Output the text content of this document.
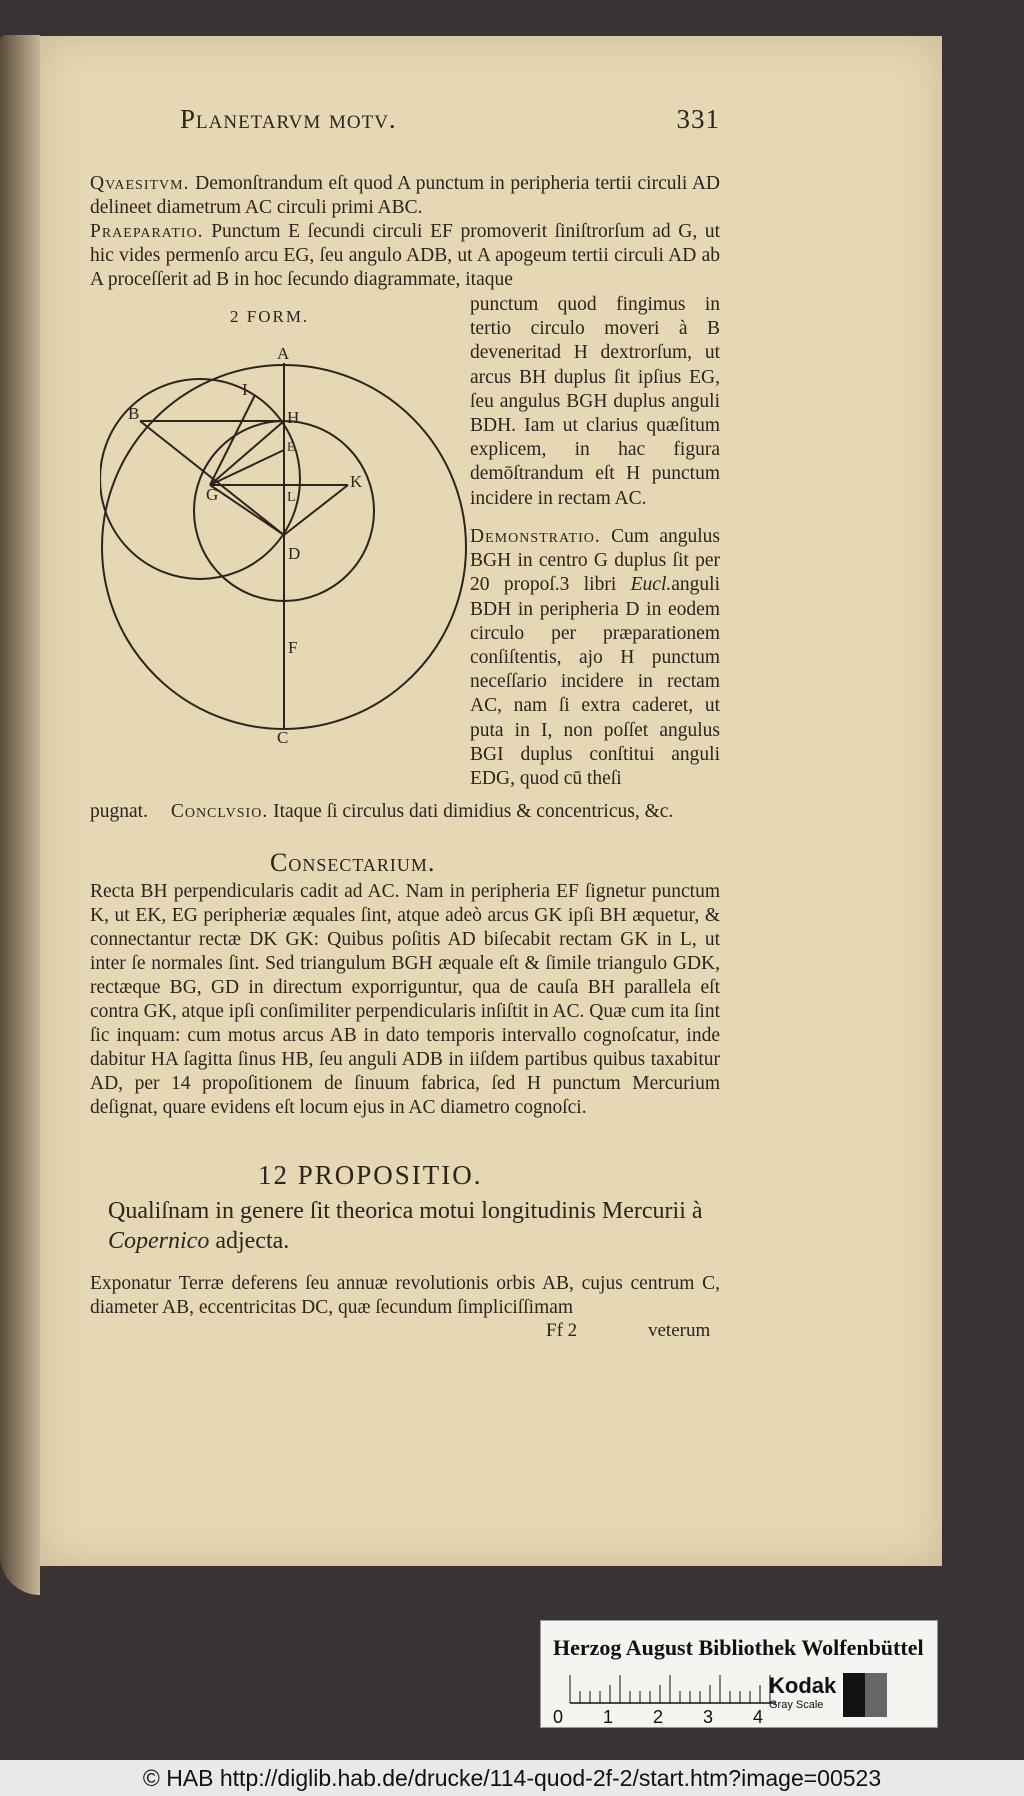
Planetarvm motv.	331
Qvaesitvm. Demonſtrandum eſt quod A punctum in peripheria tertii circuli AD delineet diametrum AC circuli primi ABC.
Praeparatio. Punctum E ſecundi circuli EF promoverit ſiniſtrorſum ad G, ut hic vides permenſo arcu EG, ſeu angulo ADB, ut A apogeum tertii circuli AD ab A proceſſerit ad B in hoc ſecundo diagrammate, itaque
2 FORM.
punctum quod fingimus in tertio circulo moveri à B deveneritad H dextrorſum, ut arcus BH duplus ſit ipſius EG, ſeu angulus BGH duplus anguli BDH. Iam ut clarius quæſitum explicem, in hac figura demōſtrandum eſt H punctum incidere in rectam AC.
Demonstratio. Cum angulus BGH in centro G duplus ſit per 20 propoſ.3 libri Eucl.anguli BDH in peripheria D in eodem circulo per præparationem conſiſtentis, ajo H punctum neceſſario incidere in rectam AC, nam ſi extra caderet, ut puta in I, non poſſet angulus BGI duplus conſtitui anguli EDG, quod cū theſi
A
B
C
D
E
F
G
H
I
K
L
pugnat. Conclvsio. Itaque ſi circulus dati dimidius & concentricus, &c.
Consectarium.
Recta BH perpendicularis cadit ad AC. Nam in peripheria EF ſignetur punctum K, ut EK, EG peripheriæ æquales ſint, atque adeò arcus GK ipſi BH æquetur, & connectantur rectæ DK GK: Quibus poſitis AD biſecabit rectam GK in L, ut inter ſe normales ſint. Sed triangulum BGH æquale eſt & ſimile triangulo GDK, rectæque BG, GD in directum exporriguntur, qua de cauſa BH parallela eſt contra GK, atque ipſi conſimiliter perpendicularis inſiſtit in AC. Quæ cum ita ſint ſic inquam: cum motus arcus AB in dato temporis intervallo cognoſcatur, inde dabitur HA ſagitta ſinus HB, ſeu anguli ADB in iiſdem partibus quibus taxabitur AD, per 14 propoſitionem de ſinuum fabrica, ſed H punctum Mercurium deſignat, quare evidens eſt locum ejus in AC diametro cognoſci.
12 PROPOSITIO.
Qualiſnam in genere ſit theorica motui longitudinis Mercurii à Copernico adjecta.
Exponatur Terræ deferens ſeu annuæ revolutionis orbis AB, cujus centrum C, diameter AB, eccentricitas DC, quæ ſecundum ſimpliciſſimam
Ff 2	veterum
Herzog August Bibliothek Wolfenbüttel
0 1 2 3 4
Kodak
Gray Scale
© HAB http://diglib.hab.de/drucke/114-quod-2f-2/start.htm?image=00523
